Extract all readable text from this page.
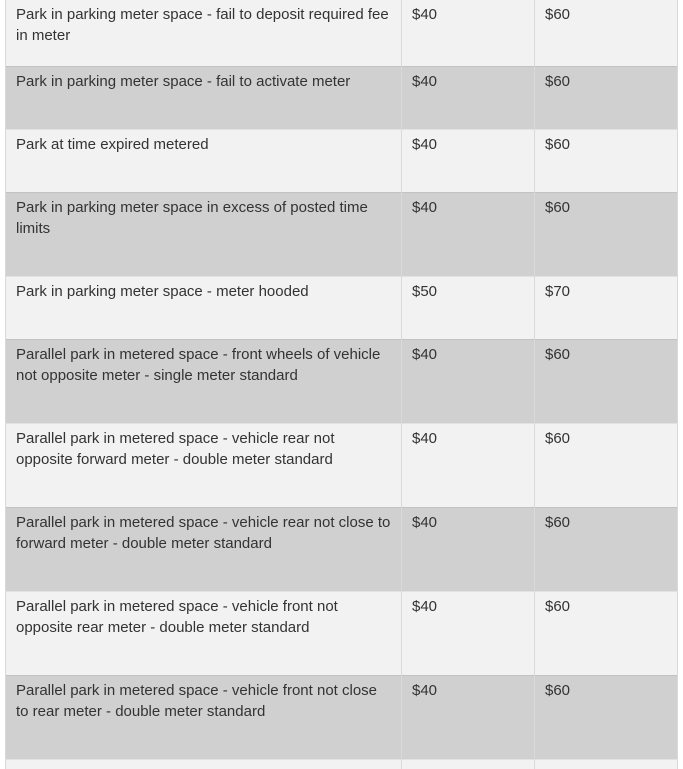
Park in parking meter space - fail to deposit required fee in meter	$40	$60
Park in parking meter space - fail to activate meter	$40	$60
Park at time expired metered	$40	$60
Park in parking meter space in excess of posted time limits	$40	$60
Park in parking meter space - meter hooded	$50	$70
Parallel park in metered space - front wheels of vehicle not opposite meter - single meter standard	$40	$60
Parallel park in metered space - vehicle rear not opposite forward meter - double meter standard	$40	$60
Parallel park in metered space - vehicle rear not close to forward meter - double meter standard	$40	$60
Parallel park in metered space - vehicle front not opposite rear meter - double meter standard	$40	$60
Parallel park in metered space - vehicle front not close to rear meter - double meter standard	$40	$60
